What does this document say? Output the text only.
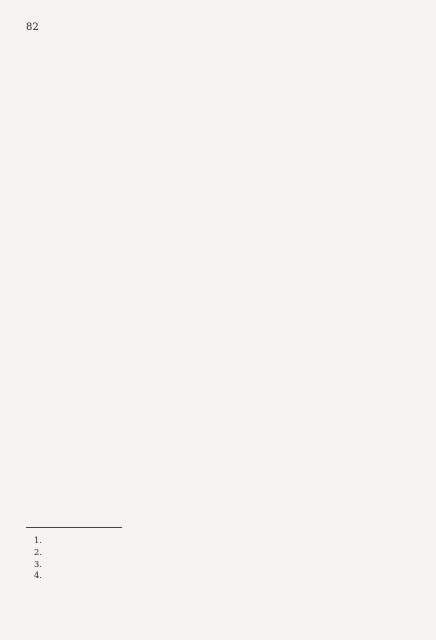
82
1.
2.
3.
4.
